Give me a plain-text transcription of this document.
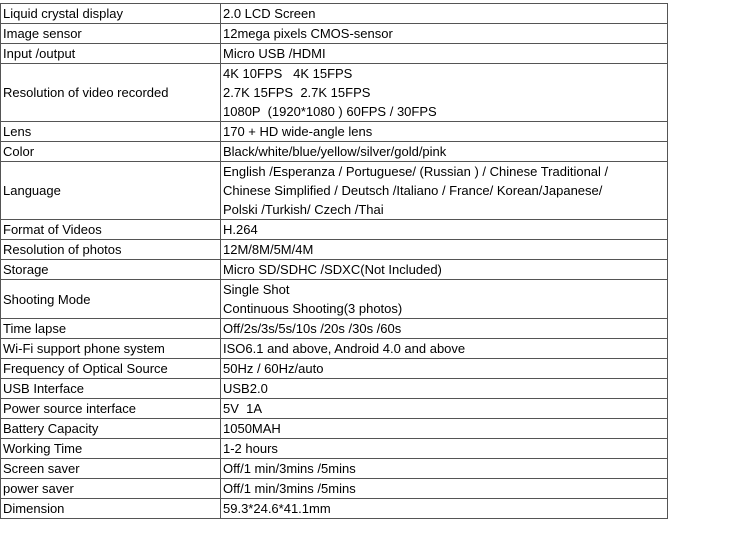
Liquid crystal display	2.0 LCD Screen

Image sensor	12mega pixels CMOS-sensor

Input /output	Micro USB /HDMI

Resolution of video recorded	4K 10FPS   4K 15FPS
2.7K 15FPS  2.7K 15FPS
1080P  (1920*1080 ) 60FPS / 30FPS

Lens	170 + HD wide-angle lens

Color	Black/white/blue/yellow/silver/gold/pink

Language	English /Esperanza / Portuguese/ (Russian ) / Chinese Traditional /
Chinese Simplified / Deutsch /Italiano / France/ Korean/Japanese/
Polski /Turkish/ Czech /Thai

Format of Videos	H.264

Resolution of photos	12M/8M/5M/4M

Storage	Micro SD/SDHC /SDXC(Not Included)

Shooting Mode	Single Shot
Continuous Shooting(3 photos)

Time lapse	Off/2s/3s/5s/10s /20s /30s /60s

Wi-Fi support phone system	ISO6.1 and above, Android 4.0 and above

Frequency of Optical Source	50Hz / 60Hz/auto

USB Interface	USB2.0

Power source interface	5V  1A

Battery Capacity	1050MAH

Working Time	1-2 hours

Screen saver	Off/1 min/3mins /5mins

power saver	Off/1 min/3mins /5mins

Dimension	59.3*24.6*41.1mm
